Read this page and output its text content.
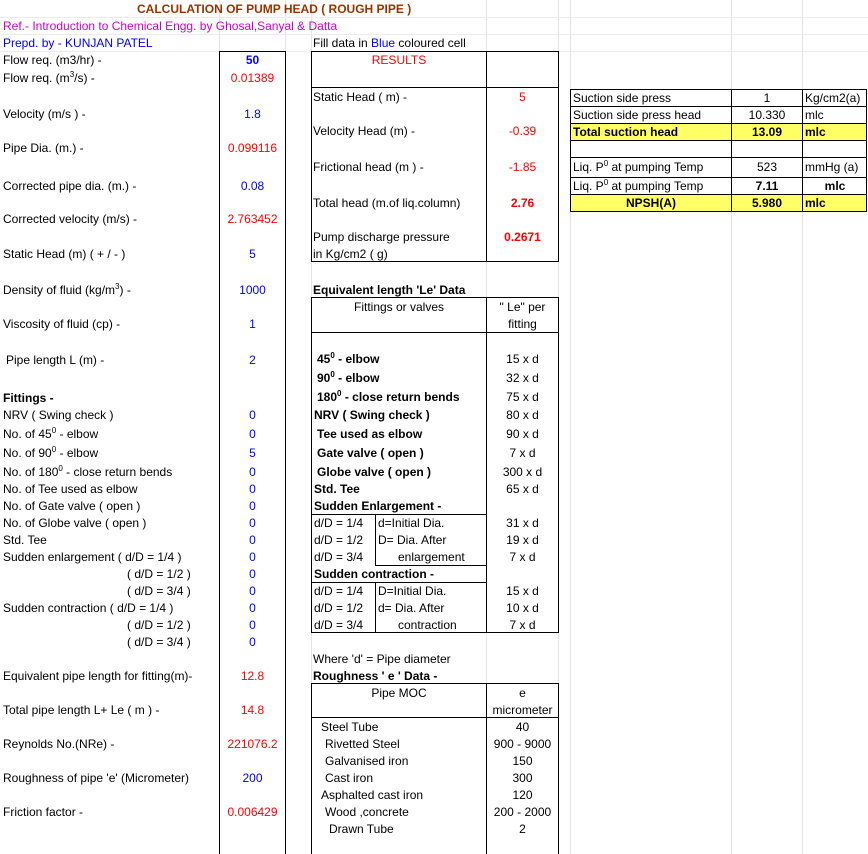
CALCULATION OF PUMP HEAD ( ROUGH PIPE )
Ref.- Introduction to Chemical Engg. by Ghosal,Sanyal & Datta
Prepd. by - KUNJAN PATEL	Fill data in Blue coloured cell
Flow req. (m3/hr) -	50
Flow req. $(m^3/s)$ -	0.01389
Velocity (m/s ) -	1.8
Pipe Dia. (m.) -	0.099116
Corrected pipe dia. (m.) -	0.08
Corrected velocity (m/s) -	2.763452
Static Head (m) ( + / - )	5
Density of fluid $(kg/m^3)$ -	1000
Viscosity of fluid (cp) -	1
Pipe length L (m) -	2
Fittings -
NRV ( Swing check )	0
No. of $45^0$ - elbow	0
No. of $90^0$ - elbow	5
No. of $180^0$ - close return bends	0
No. of Tee used as elbow	0
No. of Gate valve ( open )	0
No. of Globe valve ( open )	0
Std. Tee	0
Sudden enlargement ( d/D = 1/4 )	0
( d/D = 1/2 )	0
( d/D = 3/4 )	0
Sudden contraction ( d/D = 1/4 )	0
( d/D = 1/2 )	0
( d/D = 3/4 )	0
Equivalent pipe length for fitting(m)-	12.8
Total pipe length L+ Le ( m ) -	14.8
Reynolds No.(NRe) -	221076.2
Roughness of pipe 'e' (Micrometer)	200
Friction factor -	0.006429
RESULTS
Static Head ( m) -	5
Velocity Head (m) -	-0.39
Frictional head (m ) -	-1.85
Total head (m.of liq.column)	2.76
Pump discharge pressure
in Kg/cm2 ( g)
0.2671
Suction side press	1	Kg/cm2(a)
Suction side press head	10.330	mlc
Total suction head	13.09	mlc
Liq. $P^0$ at pumping Temp	523	mmHg (a)
Liq. $P^0$ at pumping Temp	7.11	mlc
NPSH(A)	5.980	mlc
Equivalent length 'Le' Data
Fittings or valves	" Le" per
fitting
$45^0$ - elbow	15 x d
$90^0$ - elbow	32 x d
$180^0$ - close return bends	75 x d
NRV ( Swing check )	80 x d
Tee used as elbow	90 x d
Gate valve ( open )	7 x d
Globe valve ( open )	300 x d
Std. Tee	65 x d
Sudden Enlargement -
d/D = 1/4 d=Initial Dia.	31 x d
d/D = 1/2 D= Dia. After	19 x d
d/D = 3/4	enlargement	7 x d
Sudden contraction -
d/D = 1/4 D=Initial Dia.	15 x d
d/D = 1/2 d= Dia. After	10 x d
d/D = 3/4	contraction	7 x d
Where 'd' = Pipe diameter
Roughness ' e ' Data -
Pipe MOC	e
micrometer
Steel Tube	40
Rivetted Steel	900 - 9000
Galvanised iron	150
Cast iron	300
Asphalted cast iron	120
Wood ,concrete	200 - 2000
Drawn Tube	2
